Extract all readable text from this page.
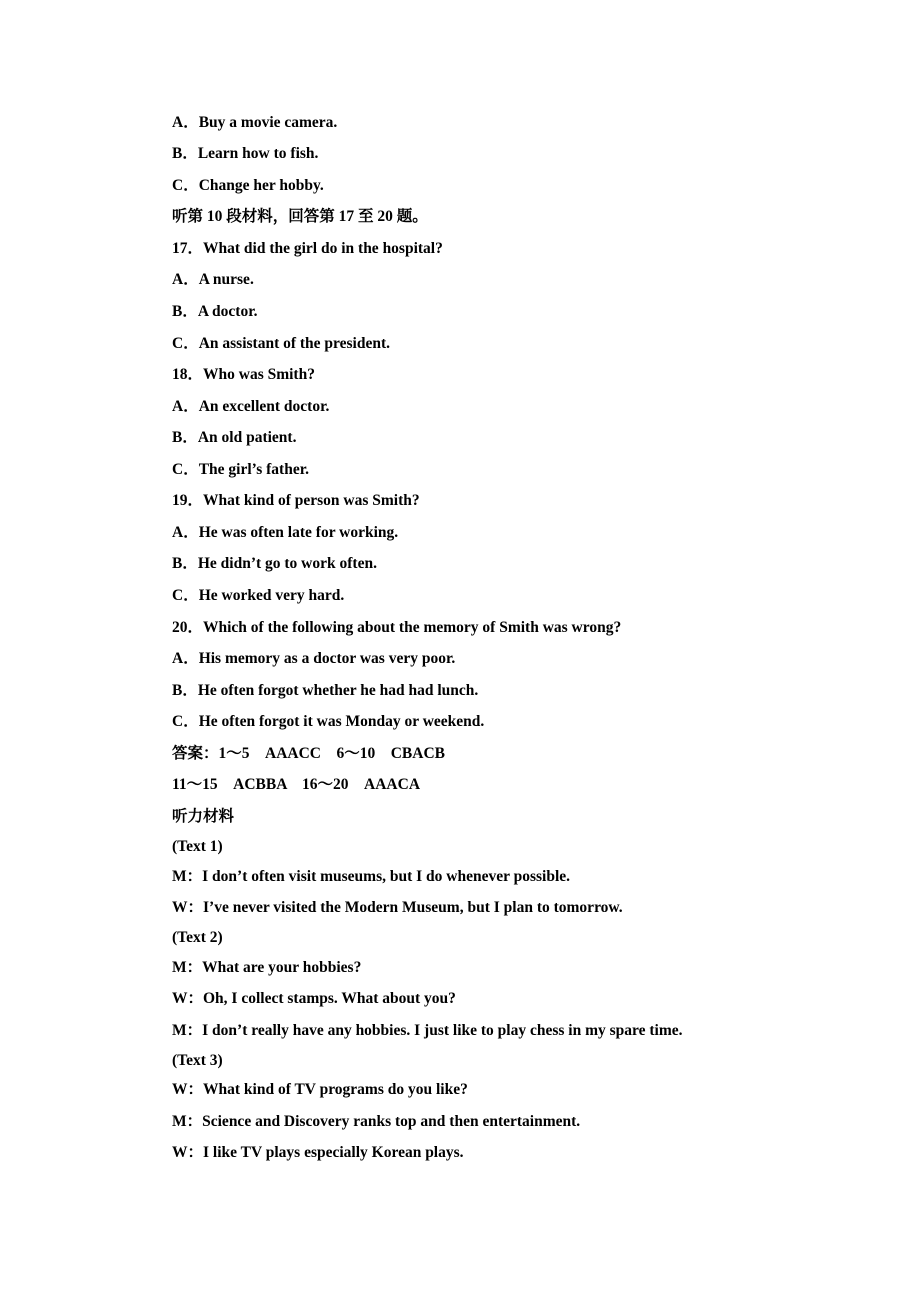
A．Buy a movie camera.
B．Learn how to fish.
C．Change her hobby.
听第 10 段材料，回答第 17 至 20 题。
17．What did the girl do in the hospital?
A．A nurse.
B．A doctor.
C．An assistant of the president.
18．Who was Smith?
A．An excellent doctor.
B．An old patient.
C．The girl’s father.
19．What kind of person was Smith?
A．He was often late for working.
B．He didn’t go to work often.
C．He worked very hard.
20．Which of the following about the memory of Smith was wrong?
A．His memory as a doctor was very poor.
B．He often forgot whether he had had lunch.
C．He often forgot it was Monday or weekend.
答案：1～5　AAACC　6～10　CBACB
11～15　ACBBA　16～20　AAACA
听力材料
(Text 1)
M：I don’t often visit museums, but I do whenever possible.
W：I’ve never visited the Modern Museum, but I plan to tomorrow.
(Text 2)
M：What are your hobbies?
W：Oh, I collect stamps. What about you?
M：I don’t really have any hobbies. I just like to play chess in my spare time.
(Text 3)
W：What kind of TV programs do you like?
M：Science and Discovery ranks top and then entertainment.
W：I like TV plays especially Korean plays.
